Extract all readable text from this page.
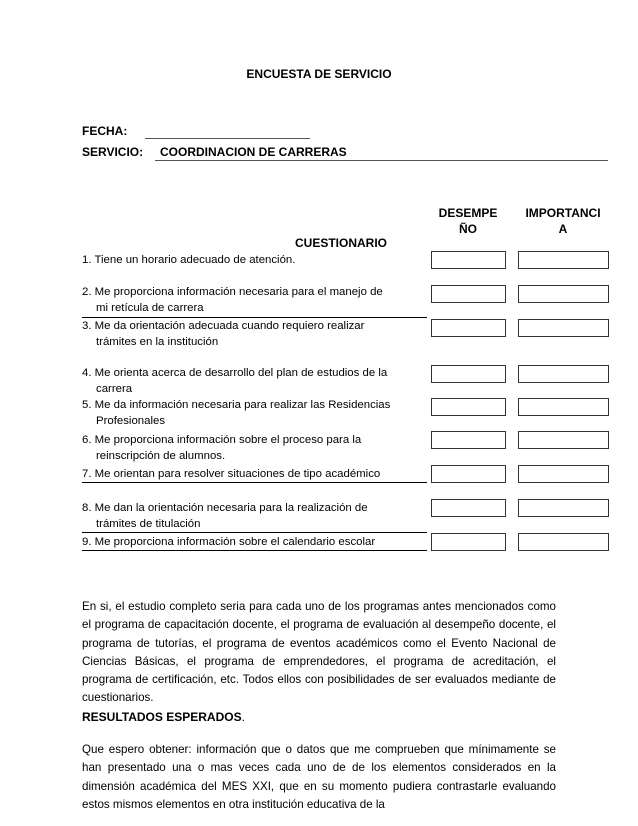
ENCUESTA DE SERVICIO
FECHA:
SERVICIO: COORDINACION DE CARRERAS
DESEMPE
ÑO
IMPORTANCI
A
CUESTIONARIO
1. Tiene un horario adecuado de atención.
2. Me proporciona información necesaria para el manejo de
mi retícula de carrera
3. Me da orientación adecuada cuando requiero realizar
trámites en la institución
4. Me orienta acerca de desarrollo del plan de estudios de la
carrera
5. Me da información necesaria para realizar las Residencias
Profesionales
6. Me proporciona información sobre el proceso para la
reinscripción de alumnos.
7. Me orientan para resolver situaciones de tipo académico
8. Me dan la orientación necesaria para la realización de
trámites de titulación
9. Me proporciona información sobre el calendario escolar
En si, el estudio completo seria para cada uno de los programas antes mencionados como el programa de capacitación docente, el programa de evaluación al desempeño docente, el programa de tutorías, el programa de eventos académicos como el Evento Nacional de Ciencias Básicas, el programa de emprendedores, el programa de acreditación, el programa de certificación, etc. Todos ellos con posibilidades de ser evaluados mediante de cuestionarios.
RESULTADOS ESPERADOS.
Que espero obtener: información que o datos que me comprueben que mínimamente se han presentado una o mas veces cada uno de de los elementos considerados en la dimensión académica del MES XXI, que en su momento pudiera contrastarle evaluando estos mismos elementos en otra institución educativa de la
